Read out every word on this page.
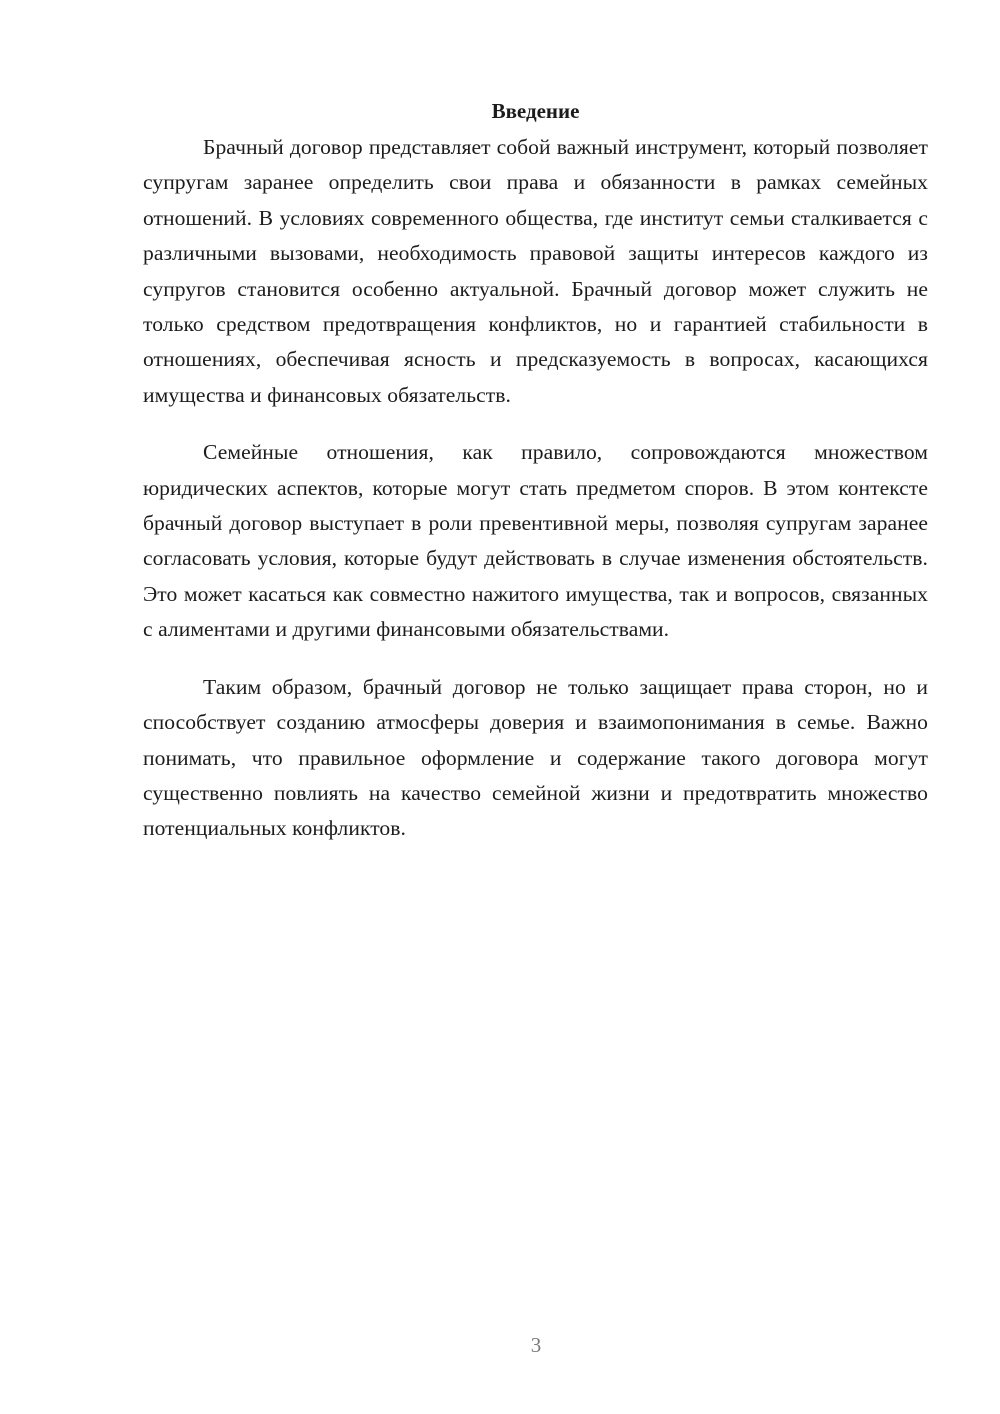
Введение

Брачный договор представляет собой важный инструмент, который позволяет супругам заранее определить свои права и обязанности в рамках семейных отношений. В условиях современного общества, где институт семьи сталкивается с различными вызовами, необходимость правовой защиты интересов каждого из супругов становится особенно актуальной. Брачный договор может служить не только средством предотвращения конфликтов, но и гарантией стабильности в отношениях, обеспечивая ясность и предсказуемость в вопросах, касающихся имущества и финансовых обязательств.

Семейные отношения, как правило, сопровождаются множеством юридических аспектов, которые могут стать предметом споров. В этом контексте брачный договор выступает в роли превентивной меры, позволяя супругам заранее согласовать условия, которые будут действовать в случае изменения обстоятельств. Это может касаться как совместно нажитого имущества, так и вопросов, связанных с алиментами и другими финансовыми обязательствами.

Таким образом, брачный договор не только защищает права сторон, но и способствует созданию атмосферы доверия и взаимопонимания в семье. Важно понимать, что правильное оформление и содержание такого договора могут существенно повлиять на качество семейной жизни и предотвратить множество потенциальных конфликтов.

3
